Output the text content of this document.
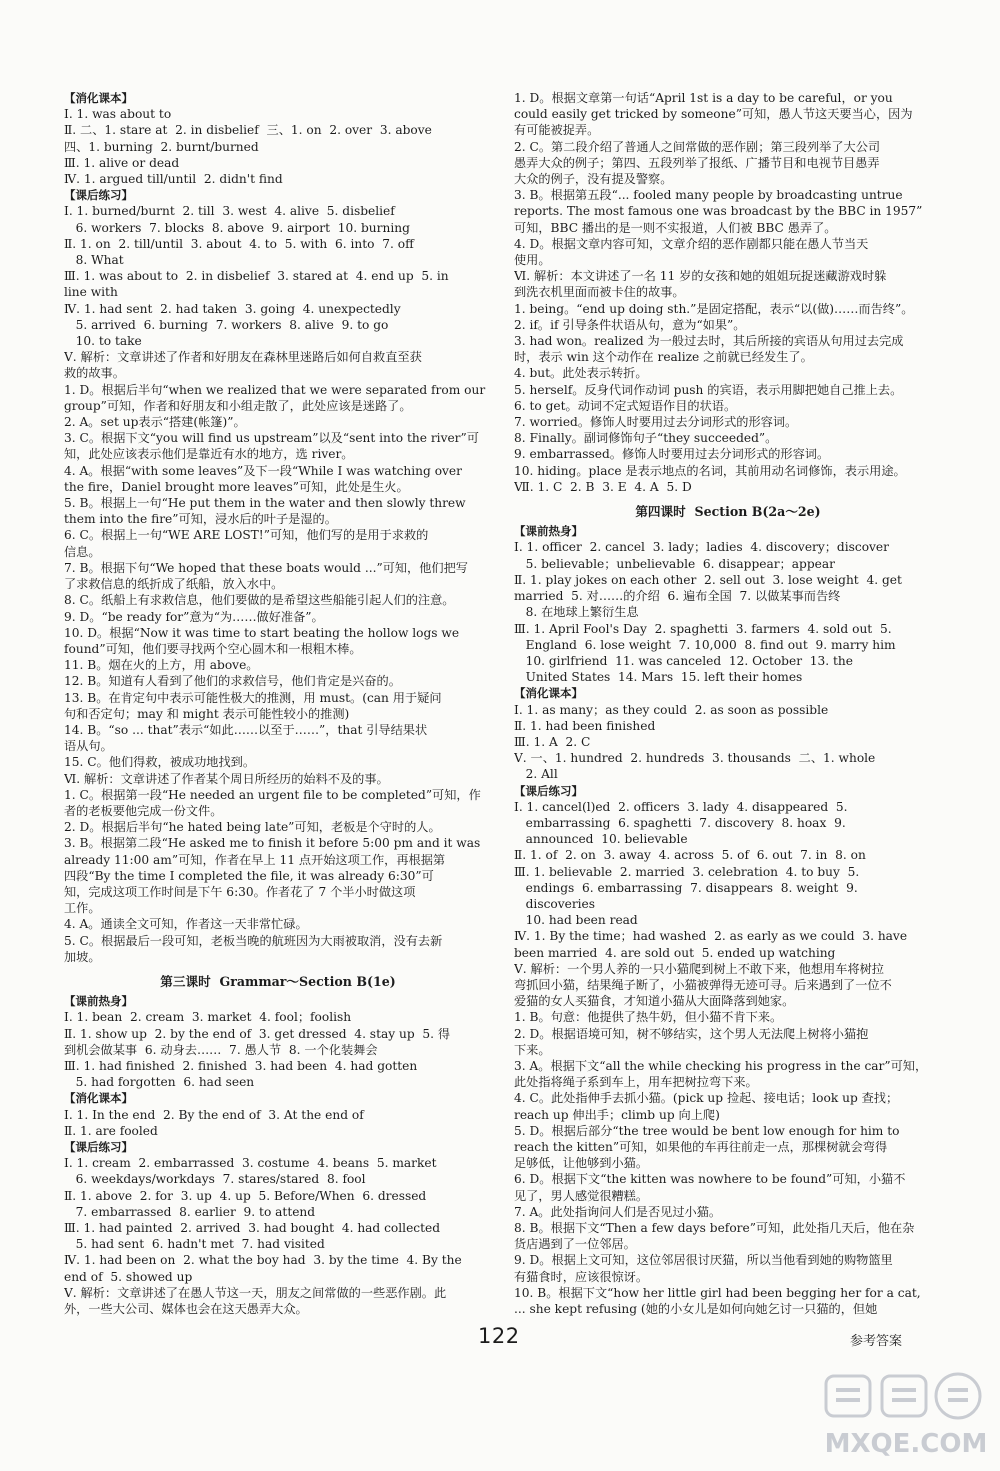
【消化课本】
Ⅰ. 1. was about to
Ⅱ. 二、1. stare at  2. in disbelief  三、1. on  2. over  3. above
四、1. burning  2. burnt/burned
Ⅲ. 1. alive or dead
Ⅳ. 1. argued till/until  2. didn't find
【课后练习】
Ⅰ. 1. burned/burnt  2. till  3. west  4. alive  5. disbelief
6. workers  7. blocks  8. above  9. airport  10. burning
Ⅱ. 1. on  2. till/until  3. about  4. to  5. with  6. into  7. off
8. What
Ⅲ. 1. was about to  2. in disbelief  3. stared at  4. end up  5. in
line with
Ⅳ. 1. had sent  2. had taken  3. going  4. unexpectedly
5. arrived  6. burning  7. workers  8. alive  9. to go
10. to take
Ⅴ. 解析：文章讲述了作者和好朋友在森林里迷路后如何自救直至获
救的故事。
1. D。根据后半句“when we realized that we were separated from our
group”可知，作者和好朋友和小组走散了，此处应该是迷路了。
2. A。set up表示“搭建(帐篷)”。
3. C。根据下文“you will find us upstream”以及“sent into the river”可
知，此处应该表示他们是靠近有水的地方，选 river。
4. A。根据“with some leaves”及下一段“While I was watching over
the fire，Daniel brought more leaves”可知，此处是生火。
5. B。根据上一句“He put them in the water and then slowly threw
them into the fire”可知，浸水后的叶子是湿的。
6. C。根据上一句“WE ARE LOST!”可知，他们写的是用于求救的
信息。
7. B。根据下句“We hoped that these boats would ...”可知，他们把写
了求救信息的纸折成了纸船，放入水中。
8. C。纸船上有求救信息，他们要做的是希望这些船能引起人们的注意。
9. D。“be ready for”意为“为……做好准备”。
10. D。根据“Now it was time to start beating the hollow logs we
found”可知，他们要寻找两个空心圆木和一根粗木棒。
11. B。烟在火的上方，用 above。
12. B。知道有人看到了他们的求救信号，他们肯定是兴奋的。
13. B。在肯定句中表示可能性极大的推测，用 must。(can 用于疑问
句和否定句；may 和 might 表示可能性较小的推测)
14. B。“so ... that”表示“如此……以至于……”，that 引导结果状
语从句。
15. C。他们得救，被成功地找到。
Ⅵ. 解析：文章讲述了作者某个周日所经历的始料不及的事。
1. C。根据第一段“He needed an urgent file to be completed”可知，作
者的老板要他完成一份文件。
2. D。根据后半句“he hated being late”可知，老板是个守时的人。
3. B。根据第二段“He asked me to finish it before 5:00 pm and it was
already 11:00 am”可知，作者在早上 11 点开始这项工作，再根据第
四段“By the time I completed the file, it was already 6:30”可
知，完成这项工作时间是下午 6:30。作者花了 7 个半小时做这项
工作。
4. A。通读全文可知，作者这一天非常忙碌。
5. C。根据最后一段可知，老板当晚的航班因为大雨被取消，没有去新
加坡。
第三课时  Grammar～Section B(1e)
【课前热身】
Ⅰ. 1. bean  2. cream  3. market  4. fool；foolish
Ⅱ. 1. show up  2. by the end of  3. get dressed  4. stay up  5. 得
到机会做某事  6. 动身去……  7. 愚人节  8. 一个化装舞会
Ⅲ. 1. had finished  2. finished  3. had been  4. had gotten
5. had forgotten  6. had seen
【消化课本】
Ⅰ. 1. In the end  2. By the end of  3. At the end of
Ⅱ. 1. are fooled
【课后练习】
Ⅰ. 1. cream  2. embarrassed  3. costume  4. beans  5. market
6. weekdays/workdays  7. stares/stared  8. fool
Ⅱ. 1. above  2. for  3. up  4. up  5. Before/When  6. dressed
7. embarrassed  8. earlier  9. to attend
Ⅲ. 1. had painted  2. arrived  3. had bought  4. had collected
5. had sent  6. hadn't met  7. had visited
Ⅳ. 1. had been on  2. what the boy had  3. by the time  4. By the
end of  5. showed up
Ⅴ. 解析：文章讲述了在愚人节这一天，朋友之间常做的一些恶作剧。此
外，一些大公司、媒体也会在这天愚弄大众。
1. D。根据文章第一句话“April 1st is a day to be careful，or you
could easily get tricked by someone”可知，愚人节这天要当心，因为
有可能被捉弄。
2. C。第二段介绍了普通人之间常做的恶作剧；第三段列举了大公司
愚弄大众的例子；第四、五段列举了报纸、广播节目和电视节目愚弄
大众的例子，没有提及警察。
3. B。根据第五段“... fooled many people by broadcasting untrue
reports. The most famous one was broadcast by the BBC in 1957”
可知，BBC 播出的是一则不实报道，人们被 BBC 愚弄了。
4. D。根据文章内容可知，文章介绍的恶作剧都只能在愚人节当天
使用。
Ⅵ. 解析：本文讲述了一名 11 岁的女孩和她的姐姐玩捉迷藏游戏时躲
到洗衣机里面而被卡住的故事。
1. being。“end up doing sth.”是固定搭配，表示“以(做)……而告终”。
2. if。if 引导条件状语从句，意为“如果”。
3. had won。realized 为一般过去时，其后所接的宾语从句用过去完成
时，表示 win 这个动作在 realize 之前就已经发生了。
4. but。此处表示转折。
5. herself。反身代词作动词 push 的宾语，表示用脚把她自己推上去。
6. to get。动词不定式短语作目的状语。
7. worried。修饰人时要用过去分词形式的形容词。
8. Finally。副词修饰句子“they succeeded”。
9. embarrassed。修饰人时要用过去分词形式的形容词。
10. hiding。place 是表示地点的名词，其前用动名词修饰，表示用途。
Ⅶ. 1. C  2. B  3. E  4. A  5. D
第四课时  Section B(2a～2e)
【课前热身】
Ⅰ. 1. officer  2. cancel  3. lady；ladies  4. discovery；discover
5. believable；unbelievable  6. disappear；appear
Ⅱ. 1. play jokes on each other  2. sell out  3. lose weight  4. get
married  5. 对……的介绍  6. 遍布全国  7. 以做某事而告终
8. 在地球上繁衍生息
Ⅲ. 1. April Fool's Day  2. spaghetti  3. farmers  4. sold out  5.
England  6. lose weight  7. 10,000  8. find out  9. marry him
10. girlfriend  11. was canceled  12. October  13. the
United States  14. Mars  15. left their homes
【消化课本】
Ⅰ. 1. as many；as they could  2. as soon as possible
Ⅱ. 1. had been finished
Ⅲ. 1. A  2. C
Ⅴ. 一、1. hundred  2. hundreds  3. thousands  二、1. whole
2. All
【课后练习】
Ⅰ. 1. cancel(l)ed  2. officers  3. lady  4. disappeared  5.
embarrassing  6. spaghetti  7. discovery  8. hoax  9.
announced  10. believable
Ⅱ. 1. of  2. on  3. away  4. across  5. of  6. out  7. in  8. on
Ⅲ. 1. believable  2. married  3. celebration  4. to buy  5.
endings  6. embarrassing  7. disappears  8. weight  9.
discoveries
10. had been read
Ⅳ. 1. By the time；had washed  2. as early as we could  3. have
been married  4. are sold out  5. ended up watching
Ⅴ. 解析：一个男人养的一只小猫爬到树上不敢下来，他想用车将树拉
弯抓回小猫，结果绳子断了，小猫被弹得无迹可寻。后来遇到了一位不
爱猫的女人买猫食，才知道小猫从大面降落到她家。
1. B。句意：他提供了热牛奶，但小猫不肯下来。
2. D。根据语境可知，树不够结实，这个男人无法爬上树将小猫抱
下来。
3. A。根据下文“all the while checking his progress in the car”可知，
此处指将绳子系到车上，用车把树拉弯下来。
4. C。此处指伸手去抓小猫。(pick up 捡起、接电话；look up 查找；
reach up 伸出手；climb up 向上爬)
5. D。根据后部分“the tree would be bent low enough for him to
reach the kitten”可知，如果他的车再往前走一点，那棵树就会弯得
足够低，让他够到小猫。
6. D。根据下文“the kitten was nowhere to be found”可知，小猫不
见了，男人感觉很糟糕。
7. A。此处指询问人们是否见过小猫。
8. B。根据下文“Then a few days before”可知，此处指几天后，他在杂
货店遇到了一位邻居。
9. D。根据上文可知，这位邻居很讨厌猫，所以当他看到她的购物篮里
有猫食时，应该很惊讶。
10. B。根据下文“how her little girl had been begging her for a cat,
... she kept refusing (她的小女儿是如何向她乞讨一只猫的，但她
122	参考答案
MXQE.COM
